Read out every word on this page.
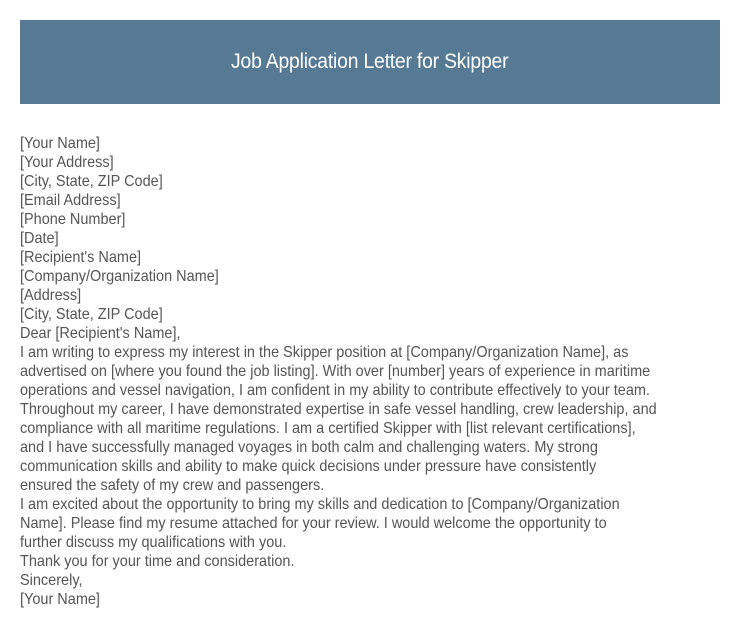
Job Application Letter for Skipper
[Your Name]
[Your Address]
[City, State, ZIP Code]
[Email Address]
[Phone Number]
[Date]
[Recipient's Name]
[Company/Organization Name]
[Address]
[City, State, ZIP Code]
Dear [Recipient's Name],
I am writing to express my interest in the Skipper position at [Company/Organization Name], as
advertised on [where you found the job listing]. With over [number] years of experience in maritime
operations and vessel navigation, I am confident in my ability to contribute effectively to your team.
Throughout my career, I have demonstrated expertise in safe vessel handling, crew leadership, and
compliance with all maritime regulations. I am a certified Skipper with [list relevant certifications],
and I have successfully managed voyages in both calm and challenging waters. My strong
communication skills and ability to make quick decisions under pressure have consistently
ensured the safety of my crew and passengers.
I am excited about the opportunity to bring my skills and dedication to [Company/Organization
Name]. Please find my resume attached for your review. I would welcome the opportunity to
further discuss my qualifications with you.
Thank you for your time and consideration.
Sincerely,
[Your Name]
